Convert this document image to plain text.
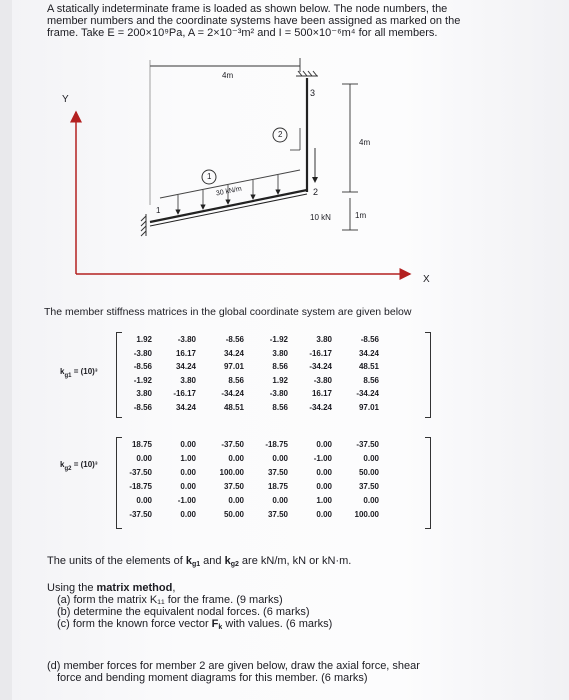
A statically indeterminate frame is loaded as shown below. The node numbers, the
member numbers and the coordinate systems have been assigned as marked on the
frame. Take E = 200×10⁹Pa, A = 2×10⁻³m² and I = 500×10⁻⁶m⁴ for all members.
Y
X
4m
4m
1m
30 kN/m
10 kN
1
2
3
1
2
The member stiffness matrices in the global coordinate system are given below
$k_{g1} = (10)^3$
1.92	-3.80	-8.56	-1.92	3.80	-8.56
-3.80	16.17	34.24	3.80	-16.17	34.24
-8.56	34.24	97.01	8.56	-34.24	48.51
-1.92	3.80	8.56	1.92	-3.80	8.56
3.80	-16.17	-34.24	-3.80	16.17	-34.24
-8.56	34.24	48.51	8.56	-34.24	97.01
$k_{g2} = (10)^3$
18.75	0.00	-37.50	-18.75	0.00	-37.50
0.00	1.00	0.00	0.00	-1.00	0.00
-37.50	0.00	100.00	37.50	0.00	50.00
-18.75	0.00	37.50	18.75	0.00	37.50
0.00	-1.00	0.00	0.00	1.00	0.00
-37.50	0.00	50.00	37.50	0.00	100.00
The units of the elements of kg1 and kg2 are kN/m, kN or kN·m.
Using the matrix method,
(a) form the matrix K₁₁ for the frame. (9 marks)
(b) determine the equivalent nodal forces. (6 marks)
(c) form the known force vector Fk with values. (6 marks)
(d) member forces for member 2 are given below, draw the axial force, shear
force and bending moment diagrams for this member. (6 marks)
